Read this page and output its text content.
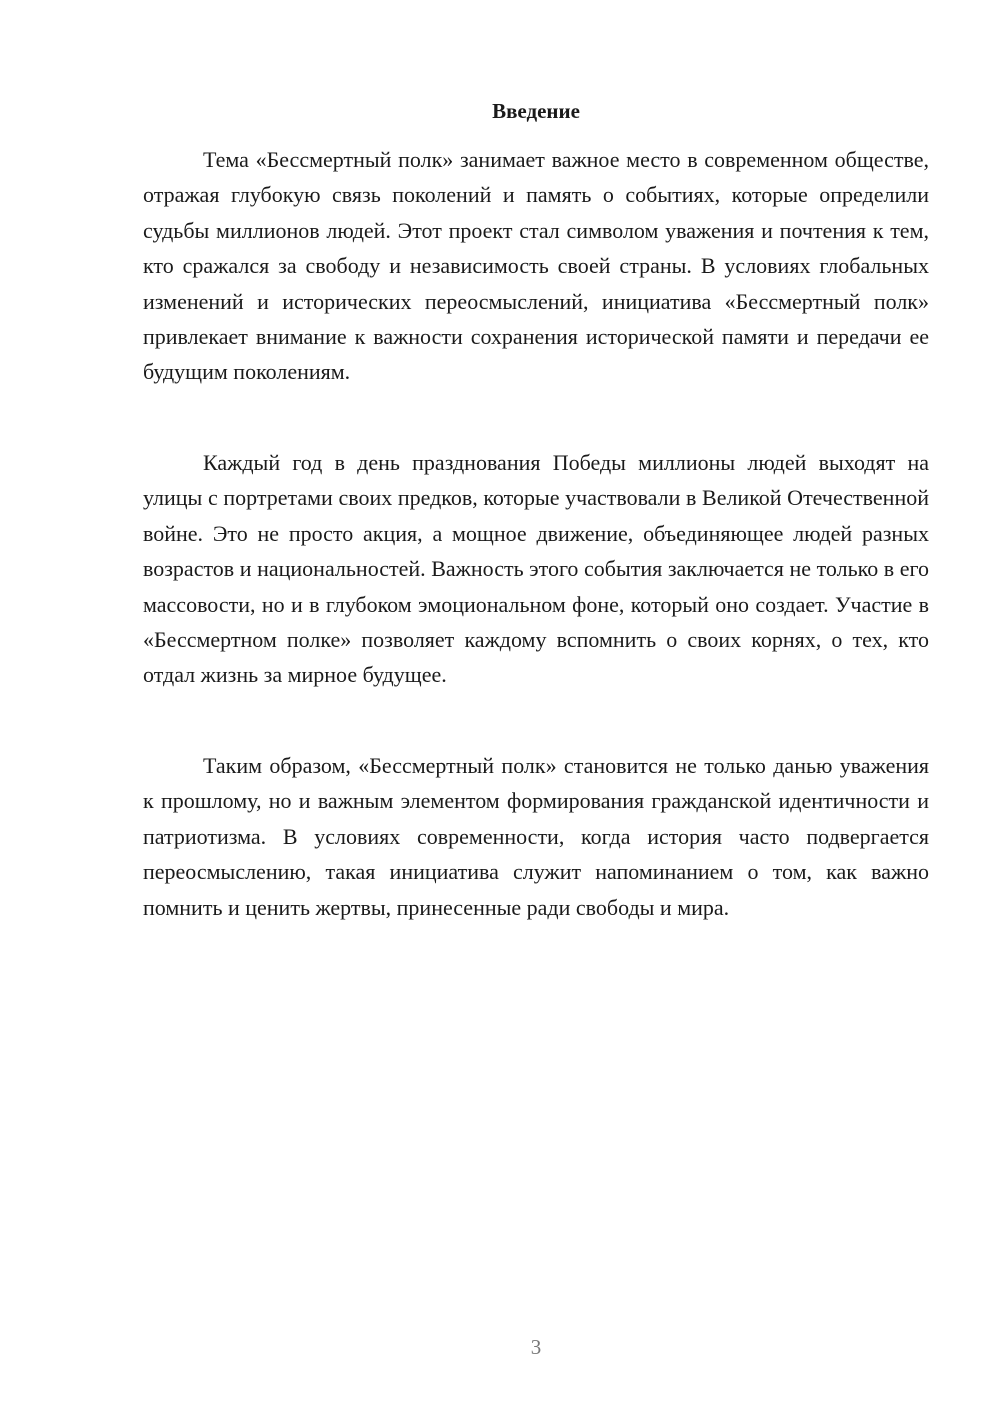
Введение

Тема «Бессмертный полк» занимает важное место в современном обществе, отражая глубокую связь поколений и память о событиях, которые определили судьбы миллионов людей. Этот проект стал символом уважения и почтения к тем, кто сражался за свободу и независимость своей страны. В условиях глобальных изменений и исторических переосмыслений, инициатива «Бессмертный полк» привлекает внимание к важности сохранения исторической памяти и передачи ее будущим поколениям.

Каждый год в день празднования Победы миллионы людей выходят на улицы с портретами своих предков, которые участвовали в Великой Отечественной войне. Это не просто акция, а мощное движение, объединяющее людей разных возрастов и национальностей. Важность этого события заключается не только в его массовости, но и в глубоком эмоциональном фоне, который оно создает. Участие в «Бессмертном полке» позволяет каждому вспомнить о своих корнях, о тех, кто отдал жизнь за мирное будущее.

Таким образом, «Бессмертный полк» становится не только данью уважения к прошлому, но и важным элементом формирования гражданской идентичности и патриотизма. В условиях современности, когда история часто подвергается переосмыслению, такая инициатива служит напоминанием о том, как важно помнить и ценить жертвы, принесенные ради свободы и мира.

3
